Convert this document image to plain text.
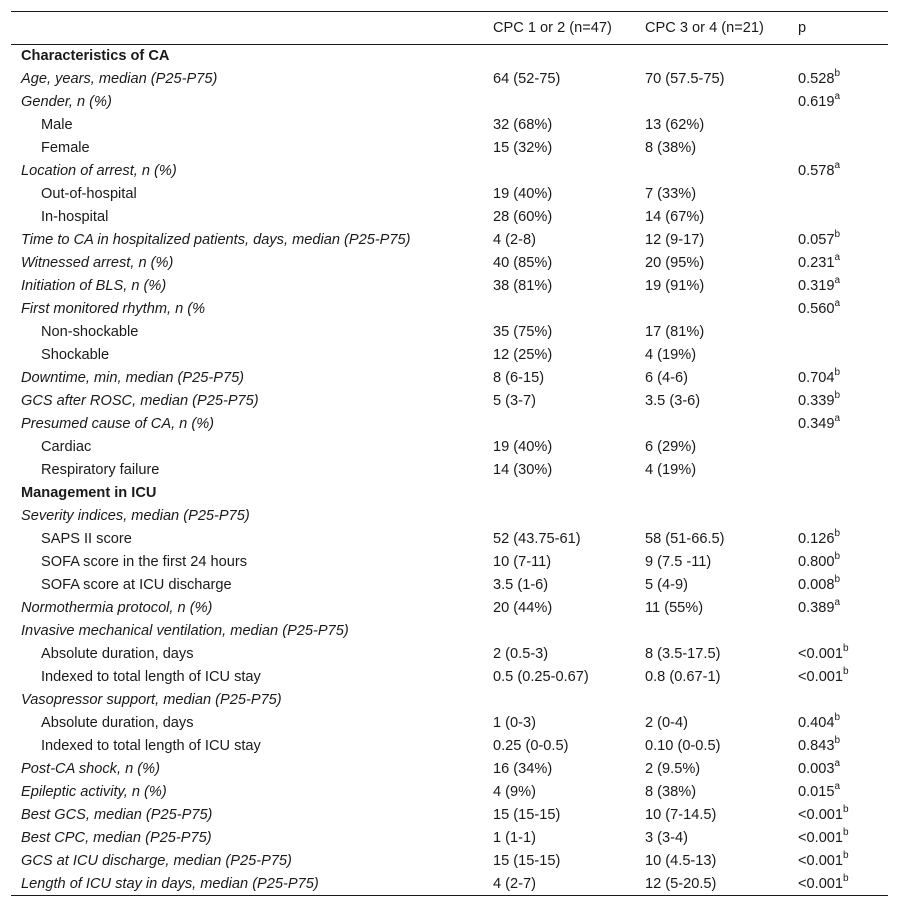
	CPC 1 or 2 (n=47)	CPC 3 or 4 (n=21)	p
Characteristics of CA			
Age, years, median (P25-P75)	64 (52-75)	70 (57.5-75)	0.528$^b$
Gender, n (%)			0.619$^a$
Male	32 (68%)	13 (62%)	
Female	15 (32%)	8 (38%)	
Location of arrest, n (%)			0.578$^a$
Out-of-hospital	19 (40%)	7 (33%)	
In-hospital	28 (60%)	14 (67%)	
Time to CA in hospitalized patients, days, median (P25-P75)	4 (2-8)	12 (9-17)	0.057$^b$
Witnessed arrest, n (%)	40 (85%)	20 (95%)	0.231$^a$
Initiation of BLS, n (%)	38 (81%)	19 (91%)	0.319$^a$
First monitored rhythm, n (%			0.560$^a$
Non-shockable	35 (75%)	17 (81%)	
Shockable	12 (25%)	4 (19%)	
Downtime, min, median (P25-P75)	8 (6-15)	6 (4-6)	0.704$^b$
GCS after ROSC, median (P25-P75)	5 (3-7)	3.5 (3-6)	0.339$^b$
Presumed cause of CA, n (%)			0.349$^a$
Cardiac	19 (40%)	6 (29%)	
Respiratory failure	14 (30%)	4 (19%)	
Management in ICU			
Severity indices, median (P25-P75)			
SAPS II score	52 (43.75-61)	58 (51-66.5)	0.126$^b$
SOFA score in the first 24 hours	10 (7-11)	9 (7.5 -11)	0.800$^b$
SOFA score at ICU discharge	3.5 (1-6)	5 (4-9)	0.008$^b$
Normothermia protocol, n (%)	20 (44%)	11 (55%)	0.389$^a$
Invasive mechanical ventilation, median (P25-P75)			
Absolute duration, days	2 (0.5-3)	8 (3.5-17.5)	<0.001$^b$
Indexed to total length of ICU stay	0.5 (0.25-0.67)	0.8 (0.67-1)	<0.001$^b$
Vasopressor support, median (P25-P75)			
Absolute duration, days	1 (0-3)	2 (0-4)	0.404$^b$
Indexed to total length of ICU stay	0.25 (0-0.5)	0.10 (0-0.5)	0.843$^b$
Post-CA shock, n (%)	16 (34%)	2 (9.5%)	0.003$^a$
Epileptic activity, n (%)	4 (9%)	8 (38%)	0.015$^a$
Best GCS, median (P25-P75)	15 (15-15)	10 (7-14.5)	<0.001$^b$
Best CPC, median (P25-P75)	1 (1-1)	3 (3-4)	<0.001$^b$
GCS at ICU discharge, median (P25-P75)	15 (15-15)	10 (4.5-13)	<0.001$^b$
Length of ICU stay in days, median (P25-P75)	4 (2-7)	12 (5-20.5)	<0.001$^b$
